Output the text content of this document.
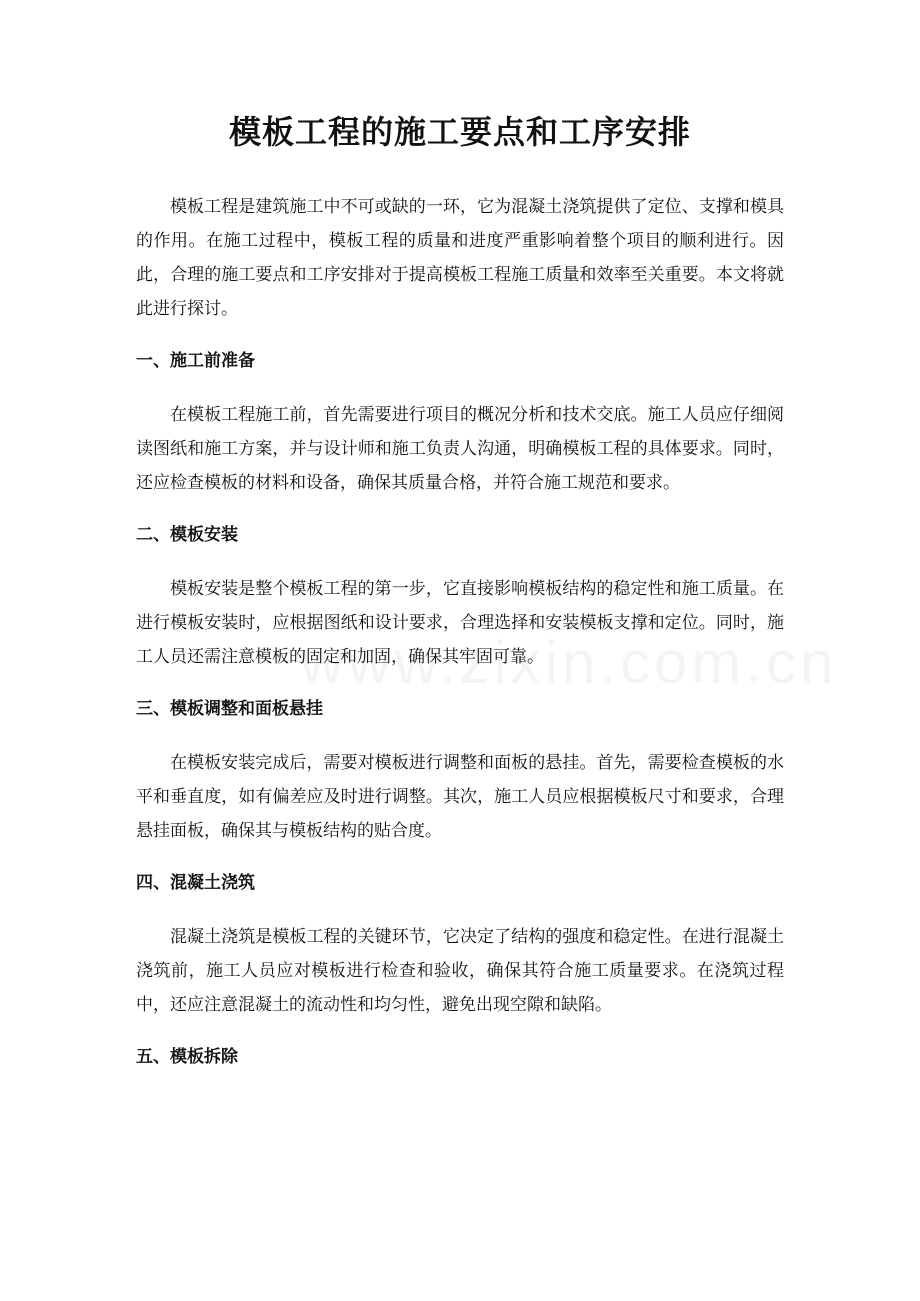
模板工程的施工要点和工序安排

模板工程是建筑施工中不可或缺的一环，它为混凝土浇筑提供了定位、支撑和模具的作用。在施工过程中，模板工程的质量和进度严重影响着整个项目的顺利进行。因此，合理的施工要点和工序安排对于提高模板工程施工质量和效率至关重要。本文将就此进行探讨。

一、施工前准备

在模板工程施工前，首先需要进行项目的概况分析和技术交底。施工人员应仔细阅读图纸和施工方案，并与设计师和施工负责人沟通，明确模板工程的具体要求。同时，还应检查模板的材料和设备，确保其质量合格，并符合施工规范和要求。

二、模板安装

模板安装是整个模板工程的第一步，它直接影响模板结构的稳定性和施工质量。在进行模板安装时，应根据图纸和设计要求，合理选择和安装模板支撑和定位。同时，施工人员还需注意模板的固定和加固，确保其牢固可靠。

三、模板调整和面板悬挂

在模板安装完成后，需要对模板进行调整和面板的悬挂。首先，需要检查模板的水平和垂直度，如有偏差应及时进行调整。其次，施工人员应根据模板尺寸和要求，合理悬挂面板，确保其与模板结构的贴合度。

四、混凝土浇筑

混凝土浇筑是模板工程的关键环节，它决定了结构的强度和稳定性。在进行混凝土浇筑前，施工人员应对模板进行检查和验收，确保其符合施工质量要求。在浇筑过程中，还应注意混凝土的流动性和均匀性，避免出现空隙和缺陷。

五、模板拆除
